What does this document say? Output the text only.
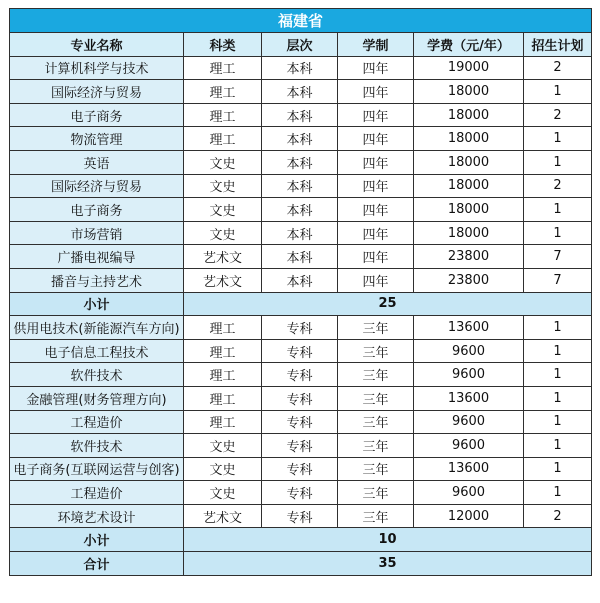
福建省					
专业名称	科类	层次	学制	学费（元/年）	招生计划
计算机科学与技术	理工	本科	四年	19000	2
国际经济与贸易	理工	本科	四年	18000	1
电子商务	理工	本科	四年	18000	2
物流管理	理工	本科	四年	18000	1
英语	文史	本科	四年	18000	1
国际经济与贸易	文史	本科	四年	18000	2
电子商务	文史	本科	四年	18000	1
市场营销	文史	本科	四年	18000	1
广播电视编导	艺术文	本科	四年	23800	7
播音与主持艺术	艺术文	本科	四年	23800	7
小计	25				
供用电技术(新能源汽车方向)	理工	专科	三年	13600	1
电子信息工程技术	理工	专科	三年	9600	1
软件技术	理工	专科	三年	9600	1
金融管理(财务管理方向)	理工	专科	三年	13600	1
工程造价	理工	专科	三年	9600	1
软件技术	文史	专科	三年	9600	1
电子商务(互联网运营与创客)	文史	专科	三年	13600	1
工程造价	文史	专科	三年	9600	1
环境艺术设计	艺术文	专科	三年	12000	2
小计	10				
合计	35				
